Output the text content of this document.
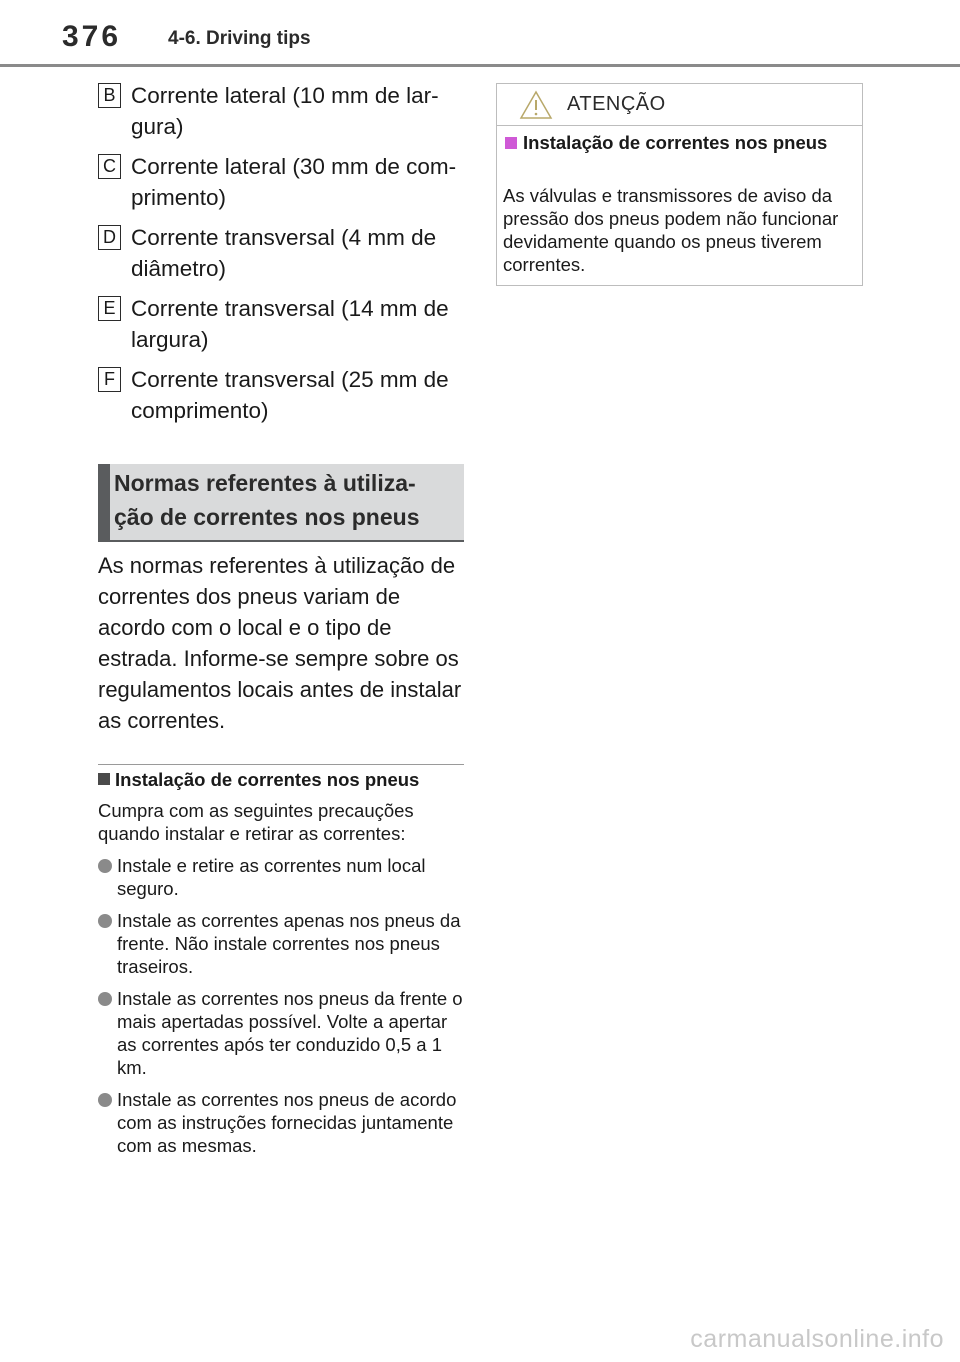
376 4-6. Driving tips
B Corrente lateral (10 mm de lar-gura)
C Corrente lateral (30 mm de com-primento)
D Corrente transversal (4 mm de diâmetro)
E Corrente transversal (14 mm de largura)
F Corrente transversal (25 mm de comprimento)
Normas referentes à utiliza-ção de correntes nos pneus
As normas referentes à utilização de correntes dos pneus variam de acordo com o local e o tipo de estrada. Informe-se sempre sobre os regulamentos locais antes de instalar as correntes.
Instalação de correntes nos pneus
Cumpra com as seguintes precauções quando instalar e retirar as correntes:
Instale e retire as correntes num local seguro.
Instale as correntes apenas nos pneus da frente. Não instale correntes nos pneus traseiros.
Instale as correntes nos pneus da frente o mais apertadas possível. Volte a apertar as correntes após ter conduzido 0,5 a 1 km.
Instale as correntes nos pneus de acordo com as instruções fornecidas juntamente com as mesmas.
ATENÇÃO
Instalação de correntes nos pneus
As válvulas e transmissores de aviso da pressão dos pneus podem não funcionar devidamente quando os pneus tiverem correntes.
carmanualsonline.info
